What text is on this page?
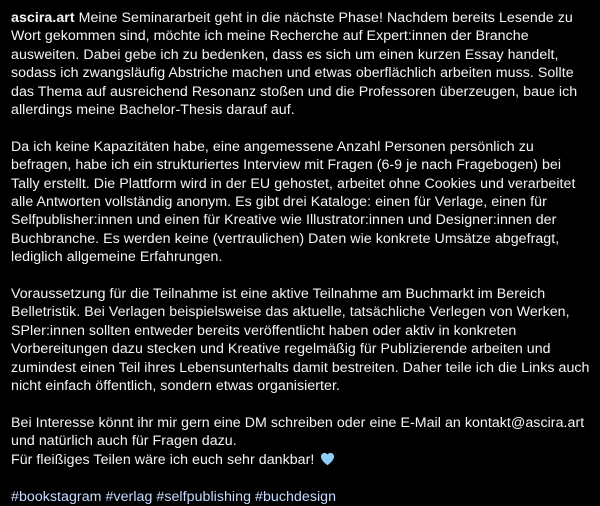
ascira.art Meine Seminararbeit geht in die nächste Phase! Nachdem bereits Lesende zu Wort gekommen sind, möchte ich meine Recherche auf Expert:innen der Branche ausweiten. Dabei gebe ich zu bedenken, dass es sich um einen kurzen Essay handelt, sodass ich zwangsläufig Abstriche machen und etwas oberflächlich arbeiten muss. Sollte das Thema auf ausreichend Resonanz stoßen und die Professoren überzeugen, baue ich allerdings meine Bachelor-Thesis darauf auf.

Da ich keine Kapazitäten habe, eine angemessene Anzahl Personen persönlich zu befragen, habe ich ein strukturiertes Interview mit Fragen (6-9 je nach Fragebogen) bei Tally erstellt. Die Plattform wird in der EU gehostet, arbeitet ohne Cookies und verarbeitet alle Antworten vollständig anonym. Es gibt drei Kataloge: einen für Verlage, einen für Selfpublisher:innen und einen für Kreative wie Illustrator:innen und Designer:innen der Buchbranche. Es werden keine (vertraulichen) Daten wie konkrete Umsätze abgefragt, lediglich allgemeine Erfahrungen.

Voraussetzung für die Teilnahme ist eine aktive Teilnahme am Buchmarkt im Bereich Belletristik. Bei Verlagen beispielsweise das aktuelle, tatsächliche Verlegen von Werken, SPler:innen sollten entweder bereits veröffentlicht haben oder aktiv in konkreten Vorbereitungen dazu stecken und Kreative regelmäßig für Publizierende arbeiten und zumindest einen Teil ihres Lebensunterhalts damit bestreiten. Daher teile ich die Links auch nicht einfach öffentlich, sondern etwas organisierter.

Bei Interesse könnt ihr mir gern eine DM schreiben oder eine E-Mail an kontakt@ascira.art und natürlich auch für Fragen dazu.
Für fleißiges Teilen wäre ich euch sehr dankbar!

#bookstagram #verlag #selfpublishing #buchdesign
